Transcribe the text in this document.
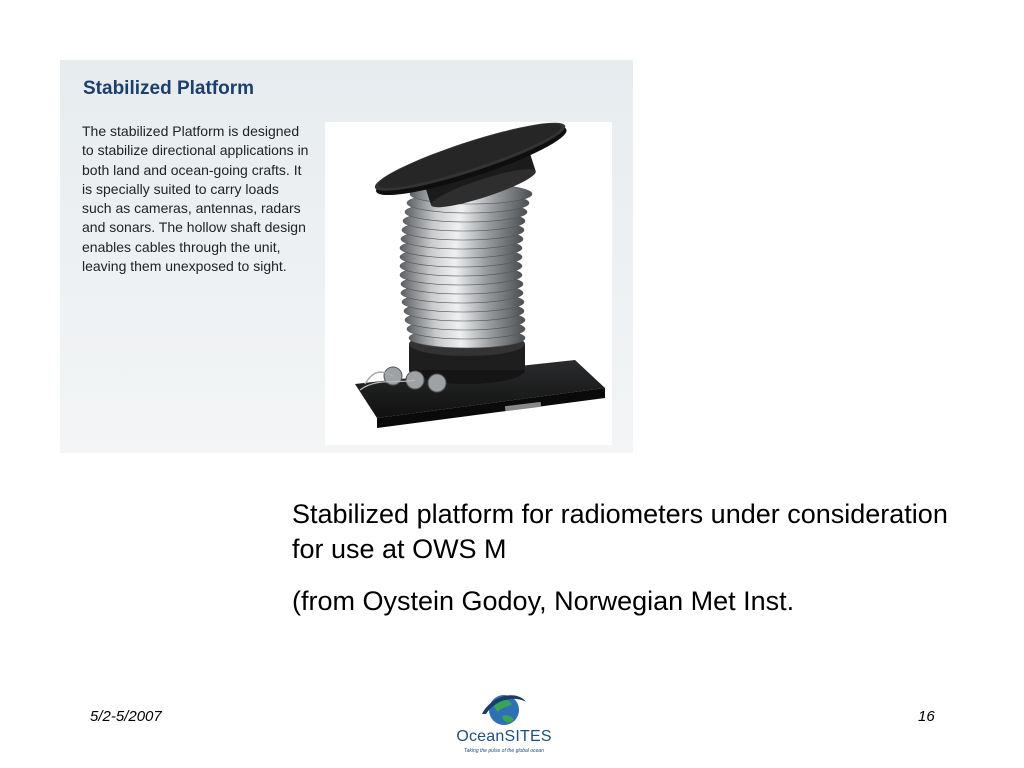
Stabilized Platform
The stabilized Platform is designed to stabilize directional applications in both land and ocean-going crafts. It is specially suited to carry loads such as cameras, antennas, radars and sonars. The hollow shaft design enables cables through the unit, leaving them unexposed to sight.

Stabilized platform for radiometers under consideration for use at OWS M

(from Oystein Godoy, Norwegian Met Inst.

5/2-5/2007
OceanSITES
Taking the pulse of the global ocean
16
